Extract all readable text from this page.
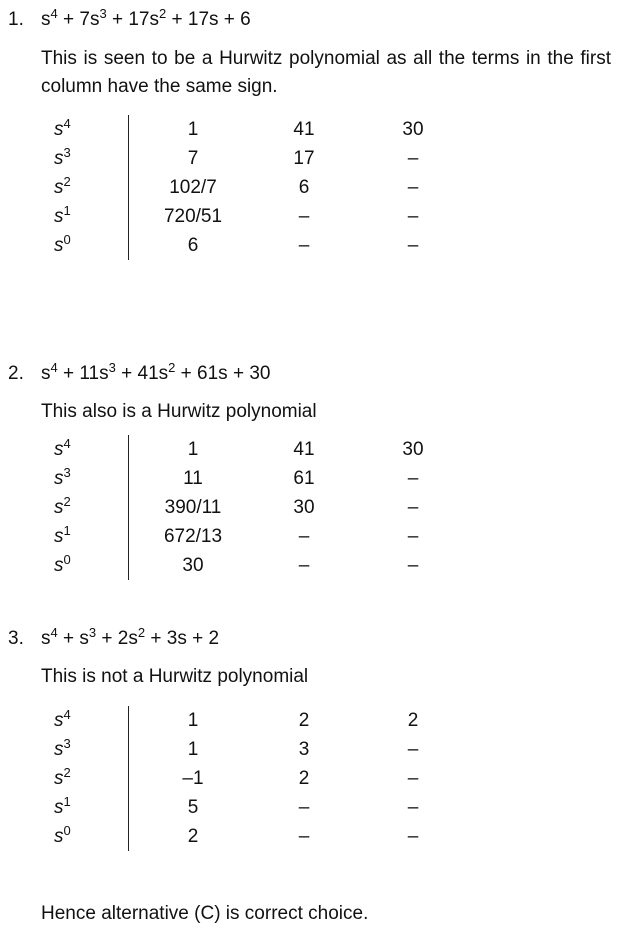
1. $s^4 + 7s^3 + 17s^2 + 17s + 6$
This is seen to be a Hurwitz polynomial as all the terms in the first column have the same sign.
$s^4$	1	41	30
$s^3$	7	17	–
$s^2$	102/7	6	–
$s^1$	720/51	–	–
$s^0$	6	–	–
2. $s^4 + 11s^3 + 41s^2 + 61s + 30$
This also is a Hurwitz polynomial
$s^4$	1	41	30
$s^3$	11	61	–
$s^2$	390/11	30	–
$s^1$	672/13	–	–
$s^0$	30	–	–
3. $s^4 + s^3 + 2s^2 + 3s + 2$
This is not a Hurwitz polynomial
$s^4$	1	2	2
$s^3$	1	3	–
$s^2$	–1	2	–
$s^1$	5	–	–
$s^0$	2	–	–
Hence alternative (C) is correct choice.
